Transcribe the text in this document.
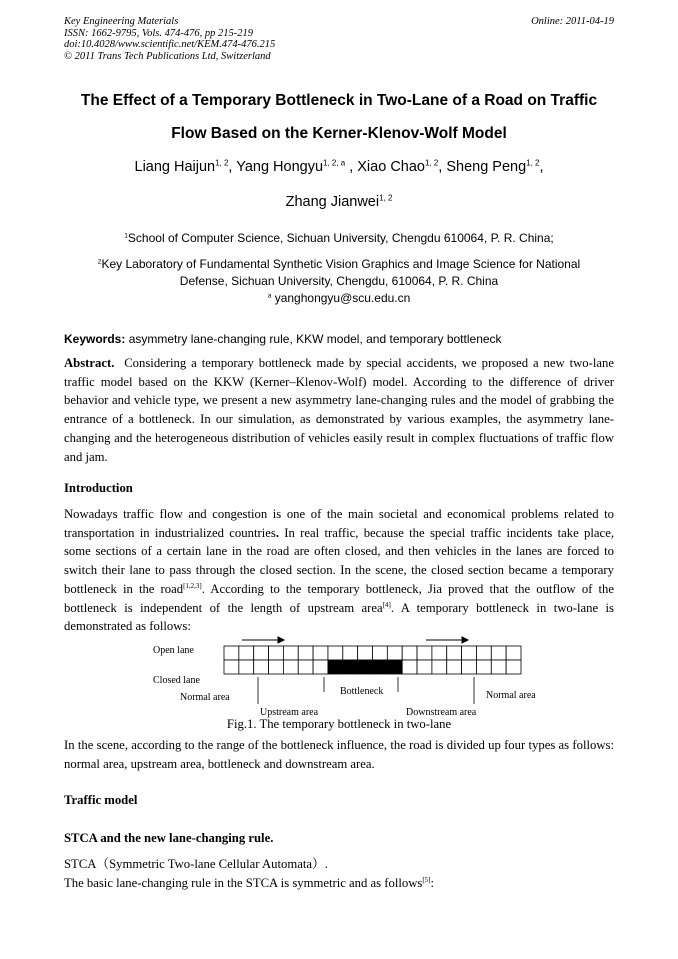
Key Engineering Materials
ISSN: 1662-9795, Vols. 474-476, pp 215-219
doi:10.4028/www.scientific.net/KEM.474-476.215
© 2011 Trans Tech Publications Ltd, Switzerland
Online: 2011-04-19
The Effect of a Temporary Bottleneck in Two-Lane of a Road on Traffic
Flow Based on the Kerner-Klenov-Wolf Model
Liang Haijun$^{1, 2}$, Yang Hongyu$^{1, 2, a}$ , Xiao Chao$^{1, 2}$, Sheng Peng$^{1, 2}$,
Zhang Jianwei$^{1, 2}$
$^1$School of Computer Science, Sichuan University, Chengdu 610064, P. R. China;
$^2$Key Laboratory of Fundamental Synthetic Vision Graphics and Image Science for National
Defense, Sichuan University, Chengdu, 610064, P. R. China
$^a$ yanghongyu@scu.edu.cn
Keywords: asymmetry lane-changing rule, KKW model, and temporary bottleneck
Abstract. Considering a temporary bottleneck made by special accidents, we proposed a new two-lane traffic model based on the KKW (Kerner–Klenov-Wolf) model. According to the difference of driver behavior and vehicle type, we present a new asymmetry lane-changing rules and the model of grabbing the entrance of a bottleneck. In our simulation, as demonstrated by various examples, the asymmetry lane-changing and the heterogeneous distribution of vehicles easily result in complex fluctuations of traffic flow and jam.
Introduction
Nowadays traffic flow and congestion is one of the main societal and economical problems related to transportation in industrialized countries. In real traffic, because the special traffic incidents take place, some sections of a certain lane in the road are often closed, and then vehicles in the lanes are forced to switch their lane to pass through the closed section. In the scene, the closed section became a temporary bottleneck in the road[1,2,3]. According to the temporary bottleneck, Jia proved that the outflow of the bottleneck is independent of the length of upstream area[4]. A temporary bottleneck in two-lane is demonstrated as follows:
Open lane
Closed lane
Normal area
Upstream area
Bottleneck
Downstream area
Normal area
Fig.1. The temporary bottleneck in two-lane
In the scene, according to the range of the bottleneck influence, the road is divided up four types as follows: normal area, upstream area, bottleneck and downstream area.
Traffic model
STCA and the new lane-changing rule.
STCA（Symmetric Two-lane Cellular Automata）.
The basic lane-changing rule in the STCA is symmetric and as follows[5]:
